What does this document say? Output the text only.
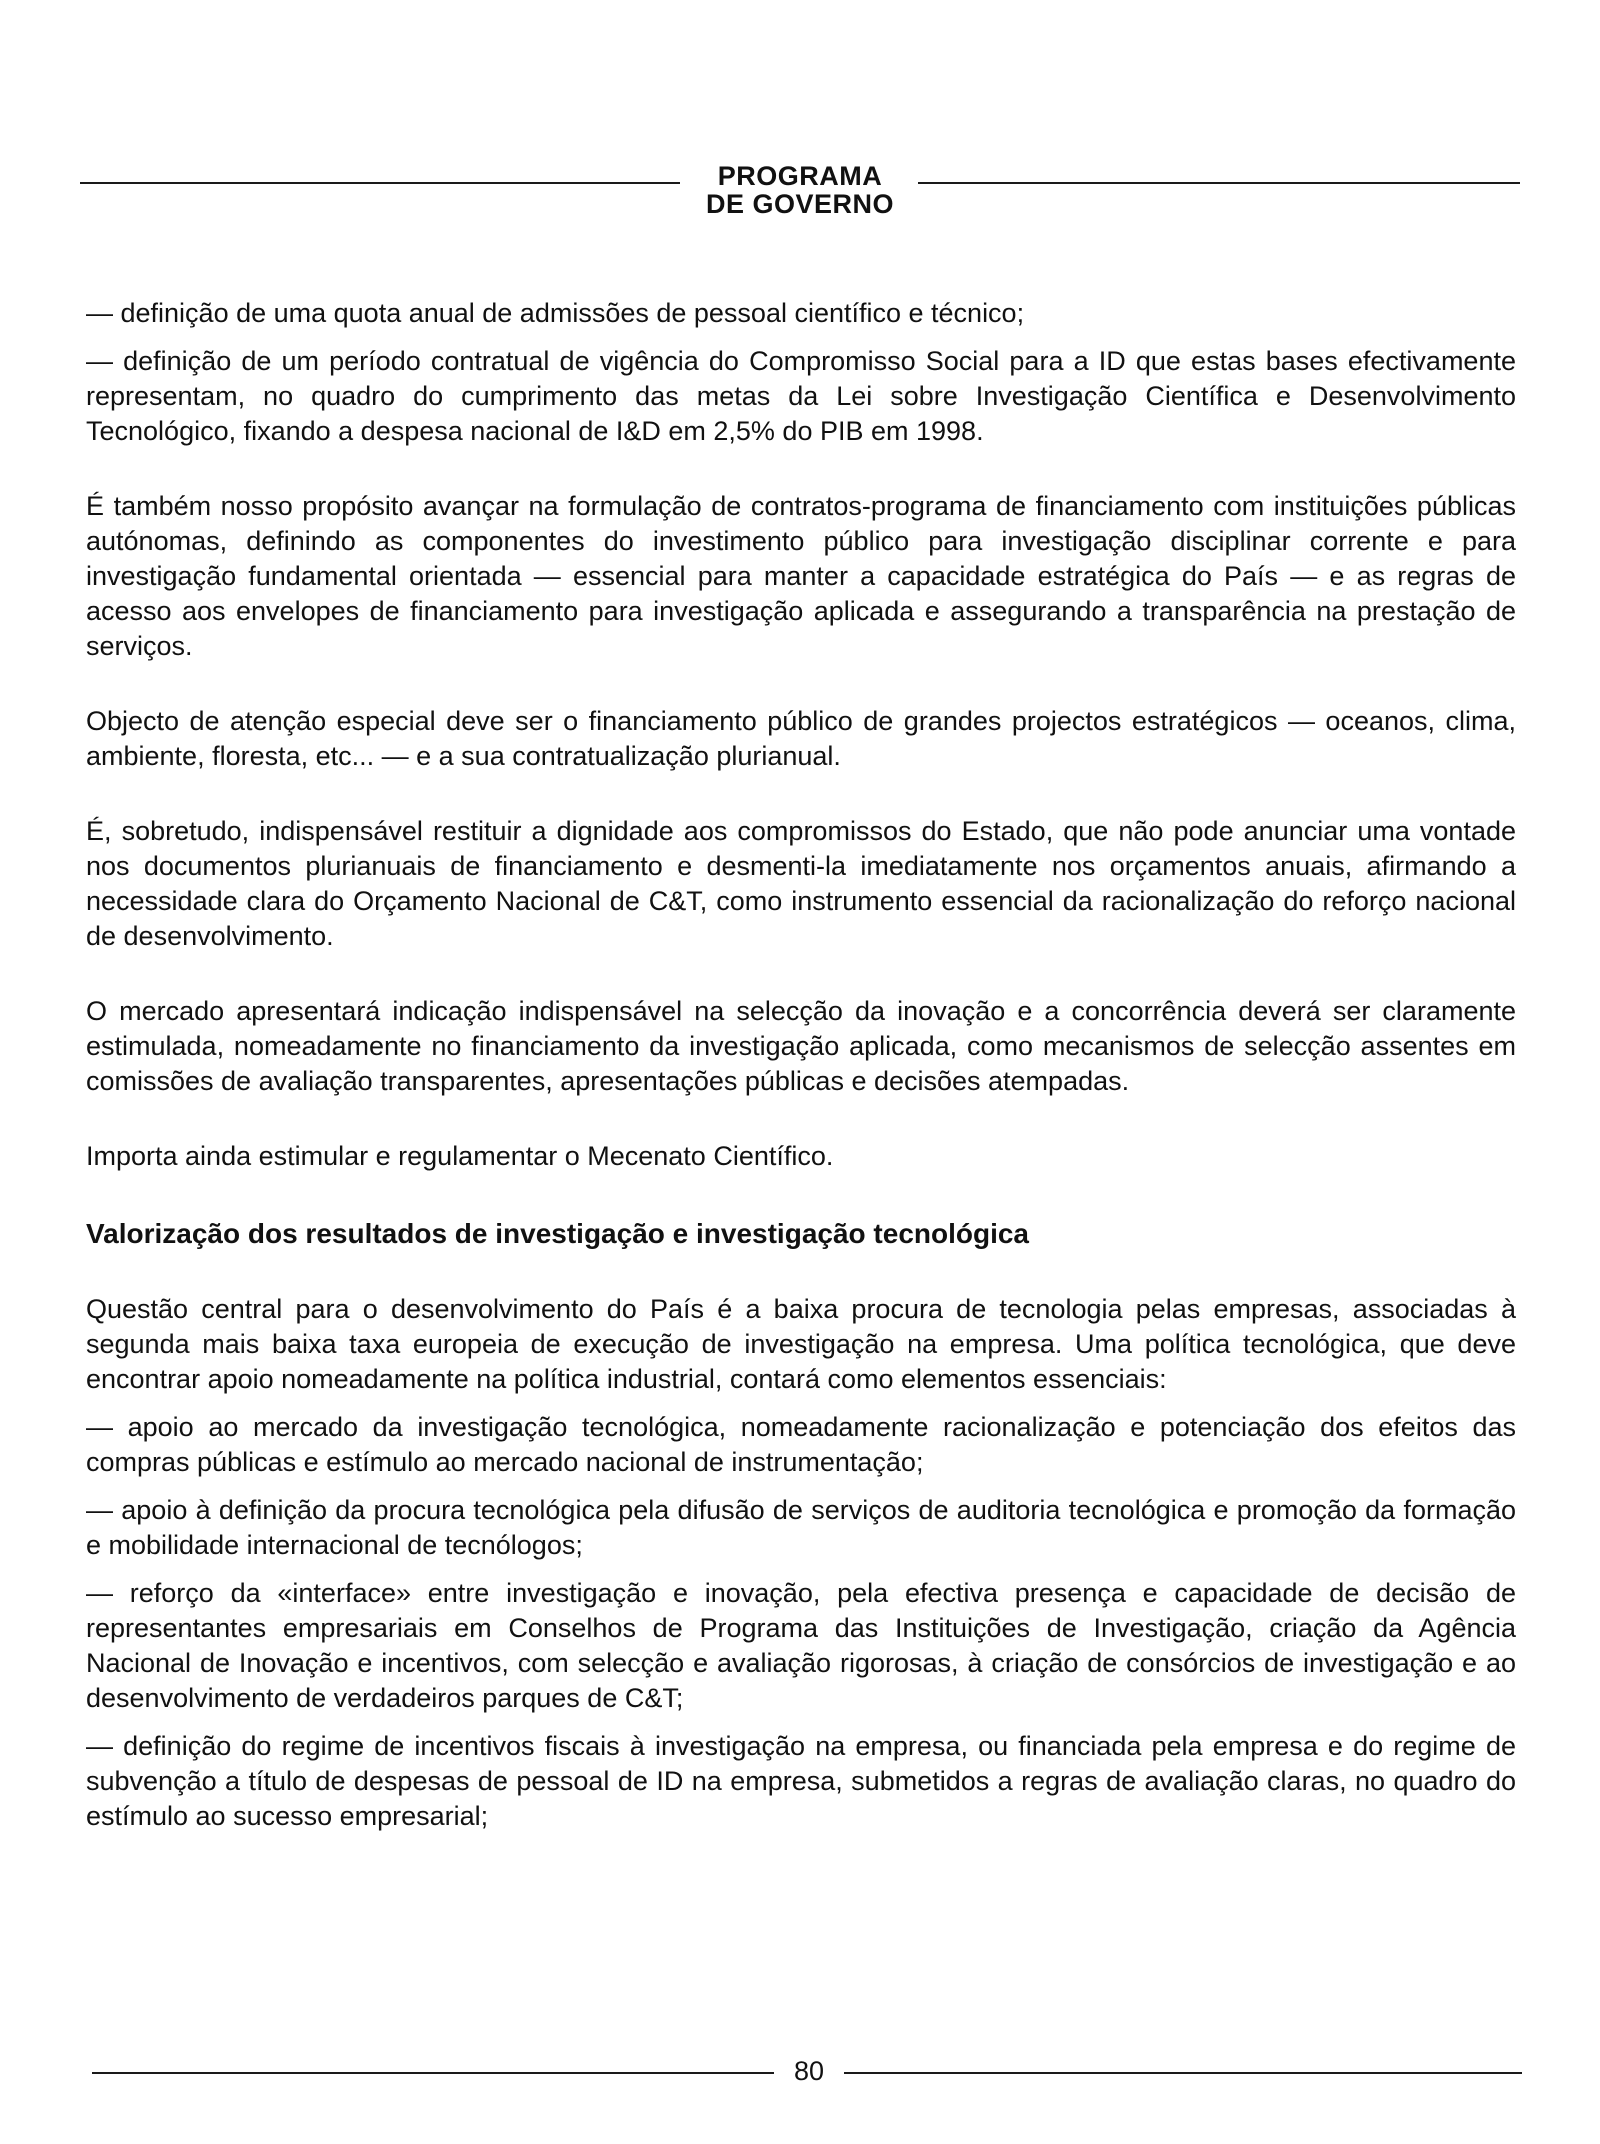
PROGRAMA
DE GOVERNO

— definição de uma quota anual de admissões de pessoal científico e técnico;

— definição de um período contratual de vigência do Compromisso Social para a ID que estas bases efectivamente representam, no quadro do cumprimento das metas da Lei sobre Investigação Científica e Desenvolvimento Tecnológico, fixando a despesa nacional de I&D em 2,5% do PIB em 1998.

É também nosso propósito avançar na formulação de contratos-programa de financiamento com instituições públicas autónomas, definindo as componentes do investimento público para investigação disciplinar corrente e para investigação fundamental orientada — essencial para manter a capacidade estratégica do País — e as regras de acesso aos envelopes de financiamento para investigação aplicada e assegurando a transparência na prestação de serviços.

Objecto de atenção especial deve ser o financiamento público de grandes projectos estratégicos — oceanos, clima, ambiente, floresta, etc... — e a sua contratualização plurianual.

É, sobretudo, indispensável restituir a dignidade aos compromissos do Estado, que não pode anunciar uma vontade nos documentos plurianuais de financiamento e desmenti-la imediatamente nos orçamentos anuais, afirmando a necessidade clara do Orçamento Nacional de C&T, como instrumento essencial da racionalização do reforço nacional de desenvolvimento.

O mercado apresentará indicação indispensável na selecção da inovação e a concorrência deverá ser claramente estimulada, nomeadamente no financiamento da investigação aplicada, como mecanismos de selecção assentes em comissões de avaliação transparentes, apresentações públicas e decisões atempadas.

Importa ainda estimular e regulamentar o Mecenato Científico.

Valorização dos resultados de investigação e investigação tecnológica

Questão central para o desenvolvimento do País é a baixa procura de tecnologia pelas empresas, associadas à segunda mais baixa taxa europeia de execução de investigação na empresa. Uma política tecnológica, que deve encontrar apoio nomeadamente na política industrial, contará como elementos essenciais:

— apoio ao mercado da investigação tecnológica, nomeadamente racionalização e potenciação dos efeitos das compras públicas e estímulo ao mercado nacional de instrumentação;

— apoio à definição da procura tecnológica pela difusão de serviços de auditoria tecnológica e promoção da formação e mobilidade internacional de tecnólogos;

— reforço da «interface» entre investigação e inovação, pela efectiva presença e capacidade de decisão de representantes empresariais em Conselhos de Programa das Instituições de Investigação, criação da Agência Nacional de Inovação e incentivos, com selecção e avaliação rigorosas, à criação de consórcios de investigação e ao desenvolvimento de verdadeiros parques de C&T;

— definição do regime de incentivos fiscais à investigação na empresa, ou financiada pela empresa e do regime de subvenção a título de despesas de pessoal de ID na empresa, submetidos a regras de avaliação claras, no quadro do estímulo ao sucesso empresarial;

80
